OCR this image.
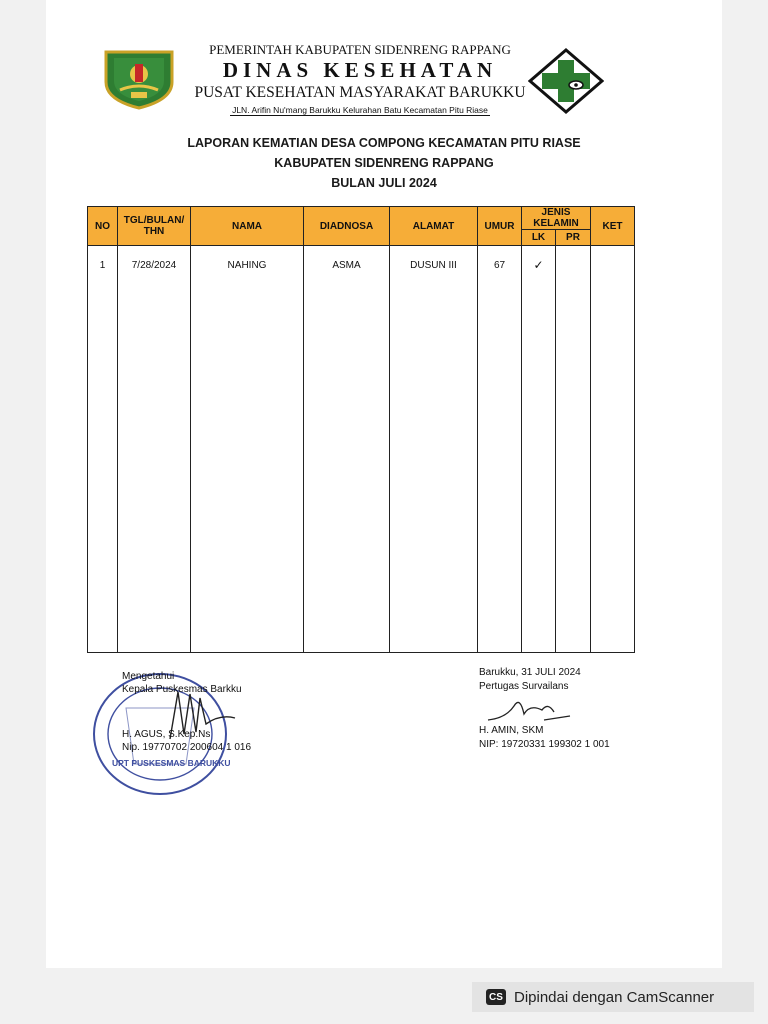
PEMERINTAH KABUPATEN SIDENRENG RAPPANG
DINAS KESEHATAN
PUSAT KESEHATAN MASYARAKAT BARUKKU
JLN. Arifin Nu'mang Barukku Kelurahan Batu Kecamatan Pitu Riase
LAPORAN KEMATIAN DESA COMPONG KECAMATAN PITU RIASE
KABUPATEN SIDENRENG RAPPANG
BULAN JULI 2024
NO	TGL/BULAN/ THN	NAMA	DIADNOSA	ALAMAT	UMUR	JENIS KELAMIN		KET
						LK	PR	
1	7/28/2024	NAHING	ASMA	DUSUN III	67	✓		
Mengetahui
Kepala Puskesmas Barkku
H. AGUS, S.Kep.Ns
Nip. 19770702 200604 1 016
UPT PUSKESMAS BARUKKU
Barukku, 31 JULI 2024
Pertugas Survailans
H. AMIN, SKM
NIP: 19720331 199302 1 001
CS Dipindai dengan CamScanner
